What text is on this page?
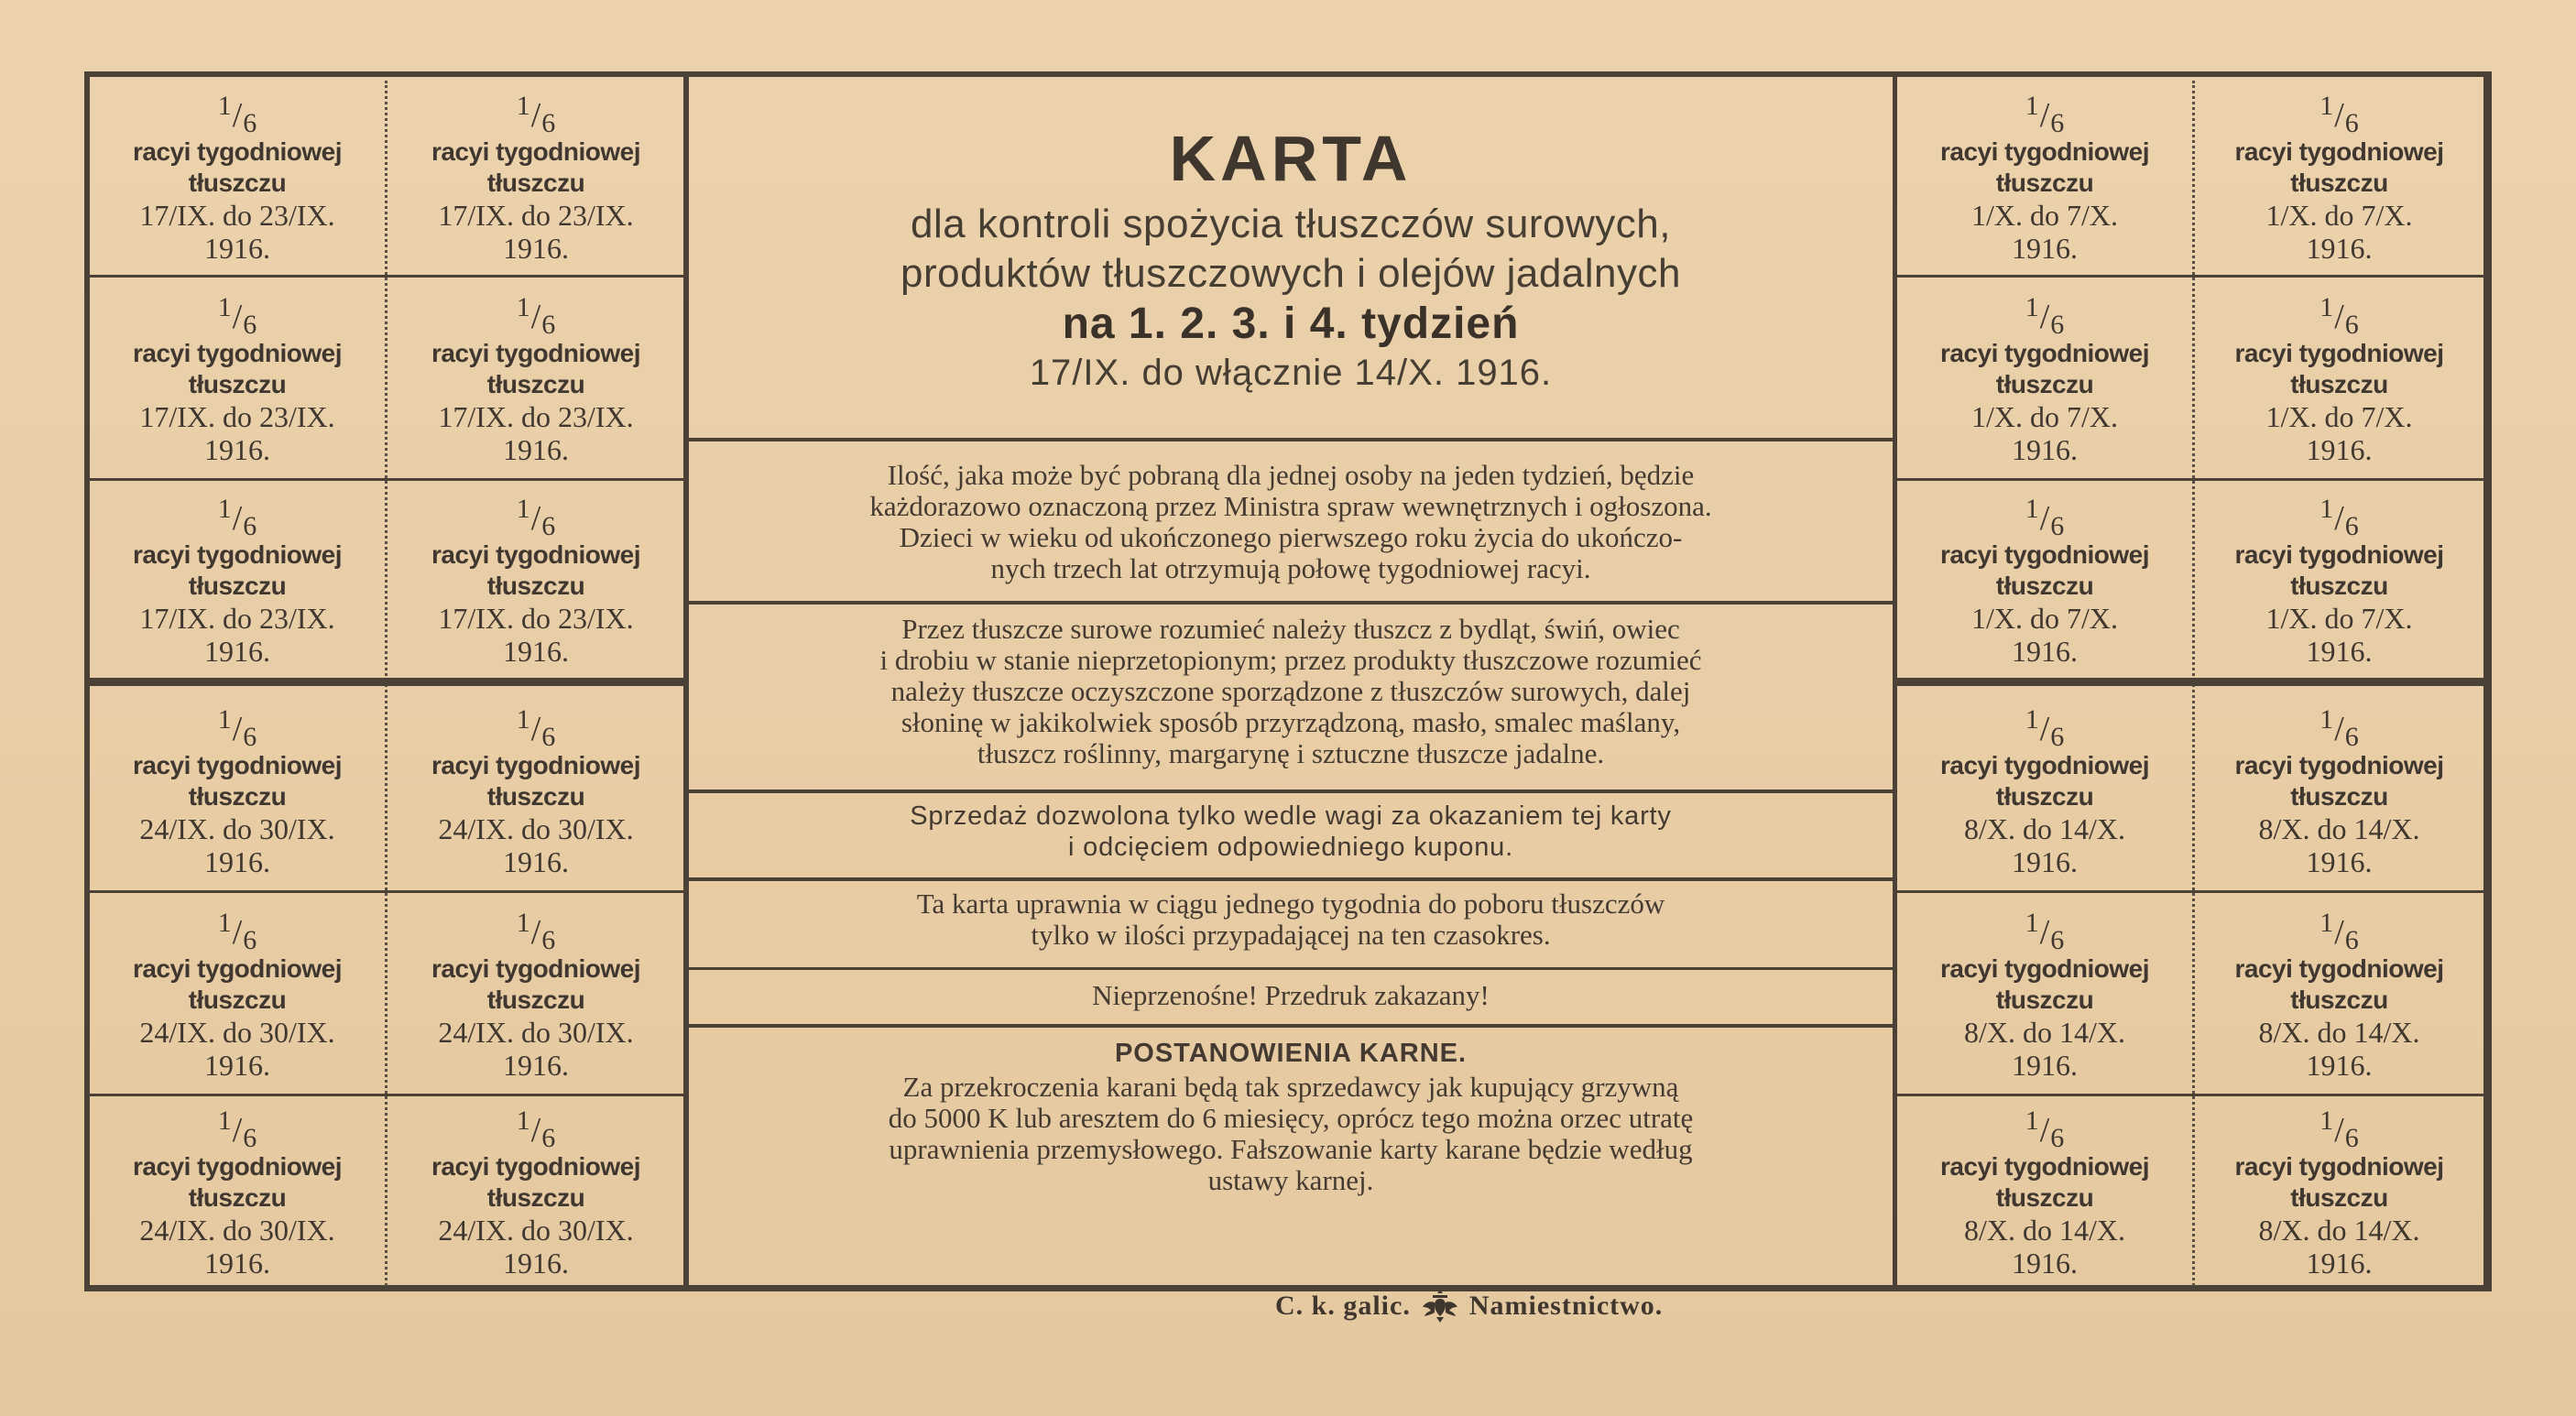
$^1$/6
racyi tygodniowej
tłuszczu
17/IX. do 23/IX.
1916.
$^1$/6
racyi tygodniowej
tłuszczu
17/IX. do 23/IX.
1916.
$^1$/6
racyi tygodniowej
tłuszczu
17/IX. do 23/IX.
1916.
$^1$/6
racyi tygodniowej
tłuszczu
17/IX. do 23/IX.
1916.
$^1$/6
racyi tygodniowej
tłuszczu
17/IX. do 23/IX.
1916.
$^1$/6
racyi tygodniowej
tłuszczu
17/IX. do 23/IX.
1916.
$^1$/6
racyi tygodniowej
tłuszczu
24/IX. do 30/IX.
1916.
$^1$/6
racyi tygodniowej
tłuszczu
24/IX. do 30/IX.
1916.
$^1$/6
racyi tygodniowej
tłuszczu
24/IX. do 30/IX.
1916.
$^1$/6
racyi tygodniowej
tłuszczu
24/IX. do 30/IX.
1916.
$^1$/6
racyi tygodniowej
tłuszczu
24/IX. do 30/IX.
1916.
$^1$/6
racyi tygodniowej
tłuszczu
24/IX. do 30/IX.
1916.
$^1$/6
racyi tygodniowej
tłuszczu
1/X. do 7/X.
1916.
$^1$/6
racyi tygodniowej
tłuszczu
1/X. do 7/X.
1916.
$^1$/6
racyi tygodniowej
tłuszczu
1/X. do 7/X.
1916.
$^1$/6
racyi tygodniowej
tłuszczu
1/X. do 7/X.
1916.
$^1$/6
racyi tygodniowej
tłuszczu
1/X. do 7/X.
1916.
$^1$/6
racyi tygodniowej
tłuszczu
1/X. do 7/X.
1916.
$^1$/6
racyi tygodniowej
tłuszczu
8/X. do 14/X.
1916.
$^1$/6
racyi tygodniowej
tłuszczu
8/X. do 14/X.
1916.
$^1$/6
racyi tygodniowej
tłuszczu
8/X. do 14/X.
1916.
$^1$/6
racyi tygodniowej
tłuszczu
8/X. do 14/X.
1916.
$^1$/6
racyi tygodniowej
tłuszczu
8/X. do 14/X.
1916.
$^1$/6
racyi tygodniowej
tłuszczu
8/X. do 14/X.
1916.
KARTA
dla kontroli spożycia tłuszczów surowych,
produktów tłuszczowych i olejów jadalnych
na 1. 2. 3. i 4. tydzień
17/IX. do włącznie 14/X. 1916.
Ilość, jaka może być pobraną dla jednej osoby na jeden tydzień, będzie
każdorazowo oznaczoną przez Ministra spraw wewnętrznych i ogłoszona.
Dzieci w wieku od ukończonego pierwszego roku życia do ukończo-
nych trzech lat otrzymują połowę tygodniowej racyi.
Przez tłuszcze surowe rozumieć należy tłuszcz z bydląt, świń, owiec
i drobiu w stanie nieprzetopionym; przez produkty tłuszczowe rozumieć
należy tłuszcze oczyszczone sporządzone z tłuszczów surowych, dalej
słoninę w jakikolwiek sposób przyrządzoną, masło, smalec maślany,
tłuszcz roślinny, margarynę i sztuczne tłuszcze jadalne.
Sprzedaż dozwolona tylko wedle wagi za okazaniem tej karty
i odcięciem odpowiedniego kuponu.
Ta karta uprawnia w ciągu jednego tygodnia do poboru tłuszczów
tylko w ilości przypadającej na ten czasokres.
Nieprzenośne! Przedruk zakazany!
POSTANOWIENIA KARNE.
Za przekroczenia karani będą tak sprzedawcy jak kupujący grzywną
do 5000 K lub aresztem do 6 miesięcy, oprócz tego można orzec utratę
uprawnienia przemysłowego. Fałszowanie karty karane będzie według
ustawy karnej.
C. k. galic. Namiestnictwo.
